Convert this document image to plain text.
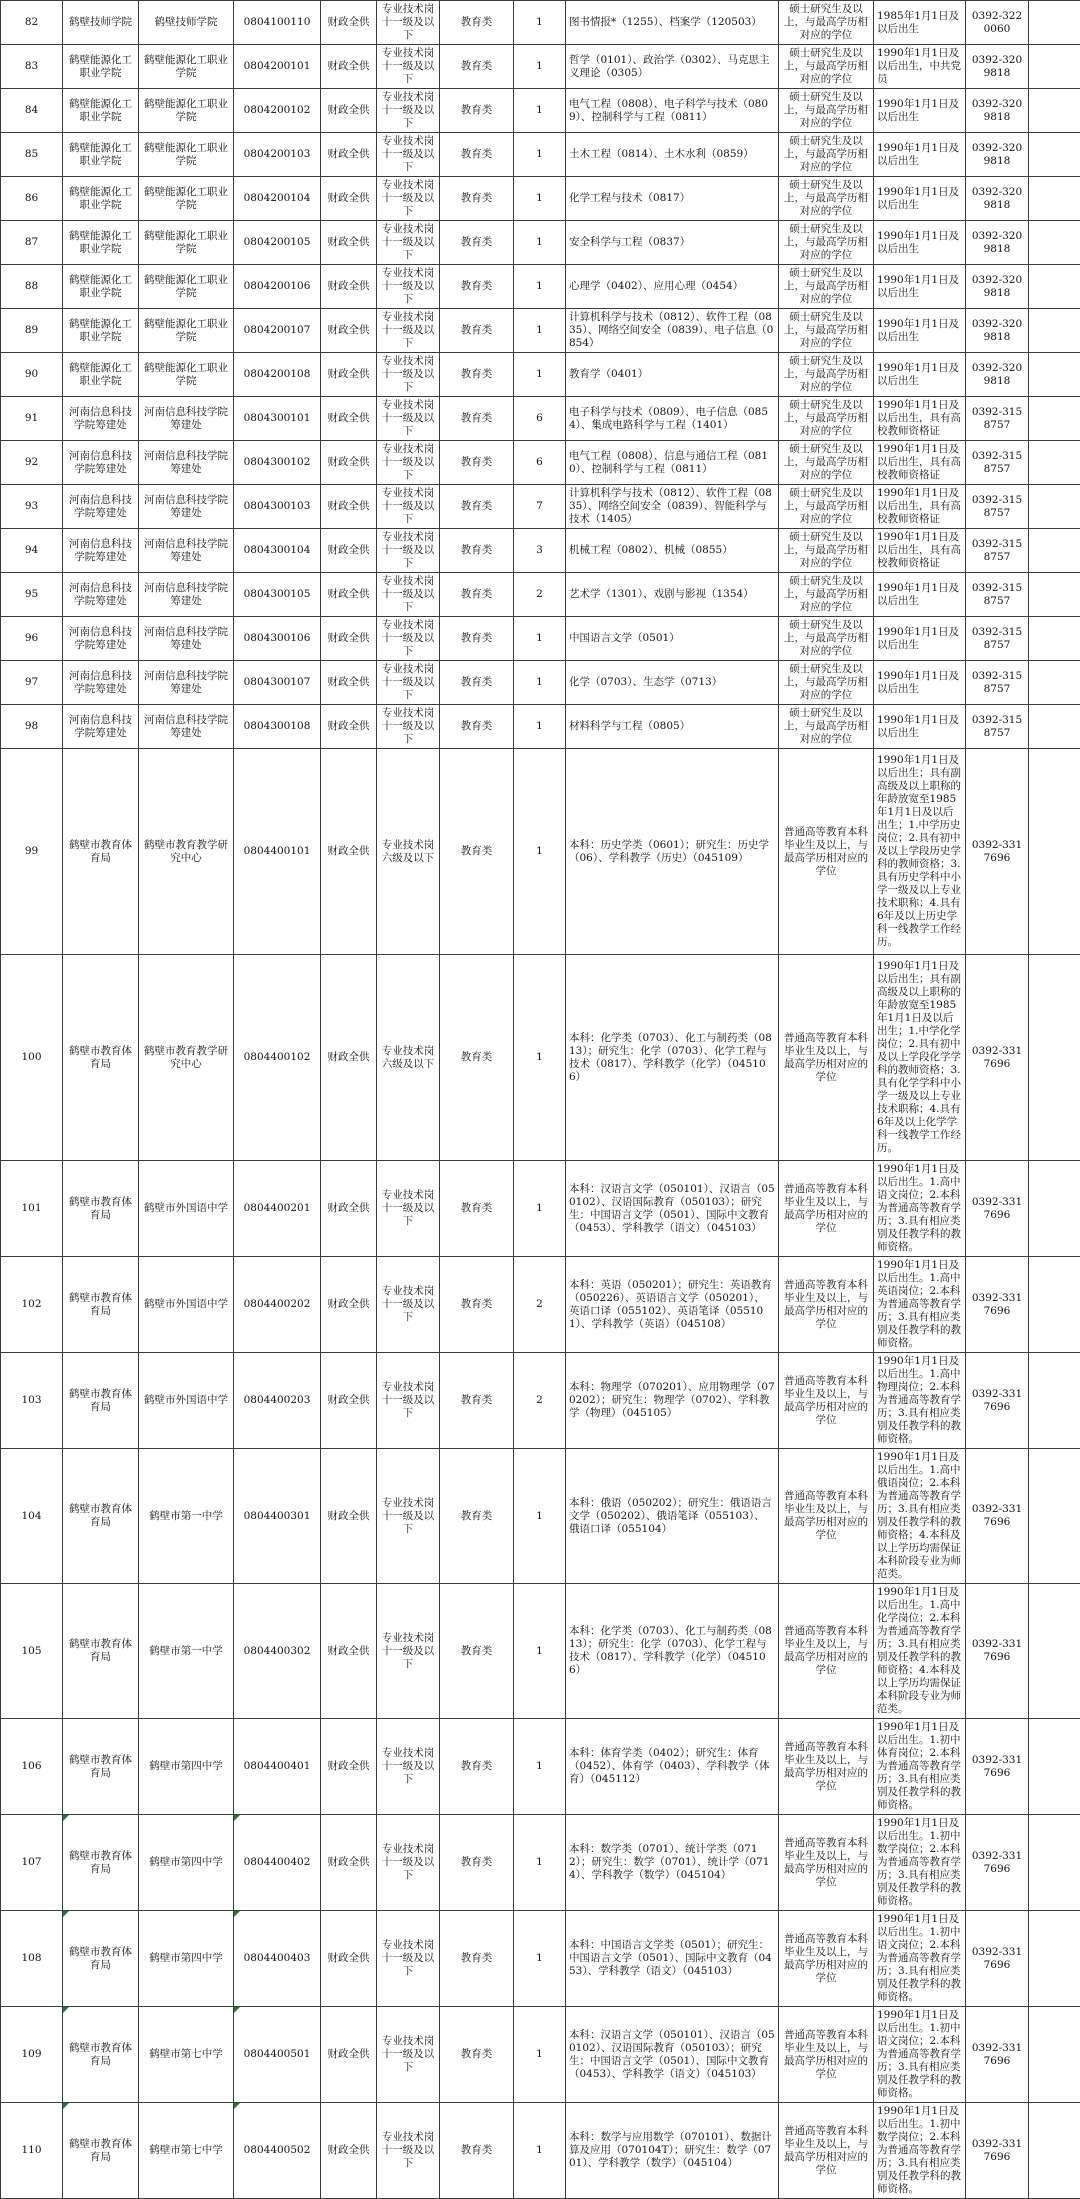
82	鹤壁技师学院	鹤壁技师学院	0804100110	财政全供	专业技术岗十一级及以下	教育类	1	图书情报*（1255）、档案学（120503）	硕士研究生及以上，与最高学历相对应的学位	1985年1月1日及以后出生	0392-3220060	
83	鹤壁能源化工职业学院	鹤壁能源化工职业学院	0804200101	财政全供	专业技术岗十一级及以下	教育类	1	哲学（0101）、政治学（0302）、马克思主义理论（0305）	硕士研究生及以上，与最高学历相对应的学位	1990年1月1日及以后出生，中共党员	0392-3209818	
84	鹤壁能源化工职业学院	鹤壁能源化工职业学院	0804200102	财政全供	专业技术岗十一级及以下	教育类	1	电气工程（0808）、电子科学与技术（0809）、控制科学与工程（0811）	硕士研究生及以上，与最高学历相对应的学位	1990年1月1日及以后出生	0392-3209818	
85	鹤壁能源化工职业学院	鹤壁能源化工职业学院	0804200103	财政全供	专业技术岗十一级及以下	教育类	1	土木工程（0814）、土木水利（0859）	硕士研究生及以上，与最高学历相对应的学位	1990年1月1日及以后出生	0392-3209818	
86	鹤壁能源化工职业学院	鹤壁能源化工职业学院	0804200104	财政全供	专业技术岗十一级及以下	教育类	1	化学工程与技术（0817）	硕士研究生及以上，与最高学历相对应的学位	1990年1月1日及以后出生	0392-3209818	
87	鹤壁能源化工职业学院	鹤壁能源化工职业学院	0804200105	财政全供	专业技术岗十一级及以下	教育类	1	安全科学与工程（0837）	硕士研究生及以上，与最高学历相对应的学位	1990年1月1日及以后出生	0392-3209818	
88	鹤壁能源化工职业学院	鹤壁能源化工职业学院	0804200106	财政全供	专业技术岗十一级及以下	教育类	1	心理学（0402）、应用心理（0454）	硕士研究生及以上，与最高学历相对应的学位	1990年1月1日及以后出生	0392-3209818	
89	鹤壁能源化工职业学院	鹤壁能源化工职业学院	0804200107	财政全供	专业技术岗十一级及以下	教育类	1	计算机科学与技术（0812）、软件工程（0835）、网络空间安全（0839）、电子信息（0854）	硕士研究生及以上，与最高学历相对应的学位	1990年1月1日及以后出生	0392-3209818	
90	鹤壁能源化工职业学院	鹤壁能源化工职业学院	0804200108	财政全供	专业技术岗十一级及以下	教育类	1	教育学（0401）	硕士研究生及以上，与最高学历相对应的学位	1990年1月1日及以后出生	0392-3209818	
91	河南信息科技学院筹建处	河南信息科技学院筹建处	0804300101	财政全供	专业技术岗十一级及以下	教育类	6	电子科学与技术（0809）、电子信息（0854）、集成电路科学与工程（1401）	硕士研究生及以上，与最高学历相对应的学位	1990年1月1日及以后出生，具有高校教师资格证	0392-3158757	
92	河南信息科技学院筹建处	河南信息科技学院筹建处	0804300102	财政全供	专业技术岗十一级及以下	教育类	6	电气工程（0808）、信息与通信工程（0810）、控制科学与工程（0811）	硕士研究生及以上，与最高学历相对应的学位	1990年1月1日及以后出生，具有高校教师资格证	0392-3158757	
93	河南信息科技学院筹建处	河南信息科技学院筹建处	0804300103	财政全供	专业技术岗十一级及以下	教育类	7	计算机科学与技术（0812）、软件工程（0835）、网络空间安全（0839）、智能科学与技术（1405）	硕士研究生及以上，与最高学历相对应的学位	1990年1月1日及以后出生，具有高校教师资格证	0392-3158757	
94	河南信息科技学院筹建处	河南信息科技学院筹建处	0804300104	财政全供	专业技术岗十一级及以下	教育类	3	机械工程（0802）、机械（0855）	硕士研究生及以上，与最高学历相对应的学位	1990年1月1日及以后出生，具有高校教师资格证	0392-3158757	
95	河南信息科技学院筹建处	河南信息科技学院筹建处	0804300105	财政全供	专业技术岗十一级及以下	教育类	2	艺术学（1301）、戏剧与影视（1354）	硕士研究生及以上，与最高学历相对应的学位	1990年1月1日及以后出生	0392-3158757	
96	河南信息科技学院筹建处	河南信息科技学院筹建处	0804300106	财政全供	专业技术岗十一级及以下	教育类	1	中国语言文学（0501）	硕士研究生及以上，与最高学历相对应的学位	1990年1月1日及以后出生	0392-3158757	
97	河南信息科技学院筹建处	河南信息科技学院筹建处	0804300107	财政全供	专业技术岗十一级及以下	教育类	1	化学（0703）、生态学（0713）	硕士研究生及以上，与最高学历相对应的学位	1990年1月1日及以后出生	0392-3158757	
98	河南信息科技学院筹建处	河南信息科技学院筹建处	0804300108	财政全供	专业技术岗十一级及以下	教育类	1	材料科学与工程（0805）	硕士研究生及以上，与最高学历相对应的学位	1990年1月1日及以后出生	0392-3158757	
99	鹤壁市教育体育局	鹤壁市教育教学研究中心	0804400101	财政全供	专业技术岗六级及以下	教育类	1	本科：历史学类（0601）；研究生：历史学（06）、学科教学（历史）（045109）	普通高等教育本科毕业生及以上，与最高学历相对应的学位	1990年1月1日及以后出生；具有副高级及以上职称的年龄放宽至1985年1月1日及以后出生；1.中学历史岗位；2.具有初中及以上学段历史学科的教师资格；3.具有历史学科中小学一级及以上专业技术职称；4.具有6年及以上历史学科一线教学工作经历。	0392-3317696	
100	鹤壁市教育体育局	鹤壁市教育教学研究中心	0804400102	财政全供	专业技术岗六级及以下	教育类	1	本科：化学类（0703）、化工与制药类（0813）；研究生：化学（0703）、化学工程与技术（0817）、学科教学（化学）（045106）	普通高等教育本科毕业生及以上，与最高学历相对应的学位	1990年1月1日及以后出生；具有副高级及以上职称的年龄放宽至1985年1月1日及以后出生；1.中学化学岗位；2.具有初中及以上学段化学学科的教师资格；3.具有化学学科中小学一级及以上专业技术职称；4.具有6年及以上化学学科一线教学工作经历。	0392-3317696	
101	鹤壁市教育体育局	鹤壁市外国语中学	0804400201	财政全供	专业技术岗十一级及以下	教育类	1	本科：汉语言文学（050101）、汉语言（050102）、汉语国际教育（050103）；研究生：中国语言文学（0501）、国际中文教育（0453）、学科教学（语文）（045103）	普通高等教育本科毕业生及以上，与最高学历相对应的学位	1990年1月1日及以后出生。1.高中语文岗位；2.本科为普通高等教育学历；3.具有相应类别及任教学科的教师资格。	0392-3317696	
102	鹤壁市教育体育局	鹤壁市外国语中学	0804400202	财政全供	专业技术岗十一级及以下	教育类	2	本科：英语（050201）；研究生：英语教育（050226）、英语语言文学（050201）、英语口译（055102）、英语笔译（055101）、学科教学（英语）（045108）	普通高等教育本科毕业生及以上，与最高学历相对应的学位	1990年1月1日及以后出生。1.高中英语岗位；2.本科为普通高等教育学历；3.具有相应类别及任教学科的教师资格。	0392-3317696	
103	鹤壁市教育体育局	鹤壁市外国语中学	0804400203	财政全供	专业技术岗十一级及以下	教育类	2	本科：物理学（070201）、应用物理学（070202）；研究生：物理学（0702）、学科教学（物理）（045105）	普通高等教育本科毕业生及以上，与最高学历相对应的学位	1990年1月1日及以后出生。1.高中物理岗位；2.本科为普通高等教育学历；3.具有相应类别及任教学科的教师资格。	0392-3317696	
104	鹤壁市教育体育局	鹤壁市第一中学	0804400301	财政全供	专业技术岗十一级及以下	教育类	1	本科：俄语（050202）；研究生：俄语语言文学（050202）、俄语笔译（055103）、俄语口译（055104）	普通高等教育本科毕业生及以上，与最高学历相对应的学位	1990年1月1日及以后出生。1.高中俄语岗位；2.本科为普通高等教育学历；3.具有相应类别及任教学科的教师资格；4.本科及以上学历均需保证本科阶段专业为师范类。	0392-3317696	
105	鹤壁市教育体育局	鹤壁市第一中学	0804400302	财政全供	专业技术岗十一级及以下	教育类	1	本科：化学类（0703）、化工与制药类（0813）；研究生：化学（0703）、化学工程与技术（0817）、学科教学（化学）（045106）	普通高等教育本科毕业生及以上，与最高学历相对应的学位	1990年1月1日及以后出生。1.高中化学岗位；2.本科为普通高等教育学历；3.具有相应类别及任教学科的教师资格；4.本科及以上学历均需保证本科阶段专业为师范类。	0392-3317696	
106	鹤壁市教育体育局	鹤壁市第四中学	0804400401	财政全供	专业技术岗十一级及以下	教育类	1	本科：体育学类（0402）；研究生：体育（0452）、体育学（0403）、学科教学（体育）（045112）	普通高等教育本科毕业生及以上，与最高学历相对应的学位	1990年1月1日及以后出生。1.初中体育岗位；2.本科为普通高等教育学历；3.具有相应类别及任教学科的教师资格。	0392-3317696	
107	鹤壁市教育体育局	鹤壁市第四中学	0804400402	财政全供	专业技术岗十一级及以下	教育类	1	本科：数学类（0701）、统计学类（0712）；研究生：数学（0701）、统计学（0714）、学科教学（数学）（045104）	普通高等教育本科毕业生及以上，与最高学历相对应的学位	1990年1月1日及以后出生。1.初中数学岗位；2.本科为普通高等教育学历；3.具有相应类别及任教学科的教师资格。	0392-3317696	
108	鹤壁市教育体育局	鹤壁市第四中学	0804400403	财政全供	专业技术岗十一级及以下	教育类	1	本科：中国语言文学类（0501）；研究生：中国语言文学（0501）、国际中文教育（0453）、学科教学（语文）（045103）	普通高等教育本科毕业生及以上，与最高学历相对应的学位	1990年1月1日及以后出生。1.初中语文岗位；2.本科为普通高等教育学历；3.具有相应类别及任教学科的教师资格。	0392-3317696	
109	鹤壁市教育体育局	鹤壁市第七中学	0804400501	财政全供	专业技术岗十一级及以下	教育类	1	本科：汉语言文学（050101）、汉语言（050102）、汉语国际教育（050103）；研究生：中国语言文学（0501）、国际中文教育（0453）、学科教学（语文）（045103）	普通高等教育本科毕业生及以上，与最高学历相对应的学位	1990年1月1日及以后出生。1.初中语文岗位；2.本科为普通高等教育学历；3.具有相应类别及任教学科的教师资格。	0392-3317696	
110	鹤壁市教育体育局	鹤壁市第七中学	0804400502	财政全供	专业技术岗十一级及以下	教育类	1	本科：数学与应用数学（070101）、数据计算及应用（070104T）；研究生：数学（0701）、学科教学（数学）（045104）	普通高等教育本科毕业生及以上，与最高学历相对应的学位	1990年1月1日及以后出生。1.初中数学岗位；2.本科为普通高等教育学历；3.具有相应类别及任教学科的教师资格。	0392-3317696	
